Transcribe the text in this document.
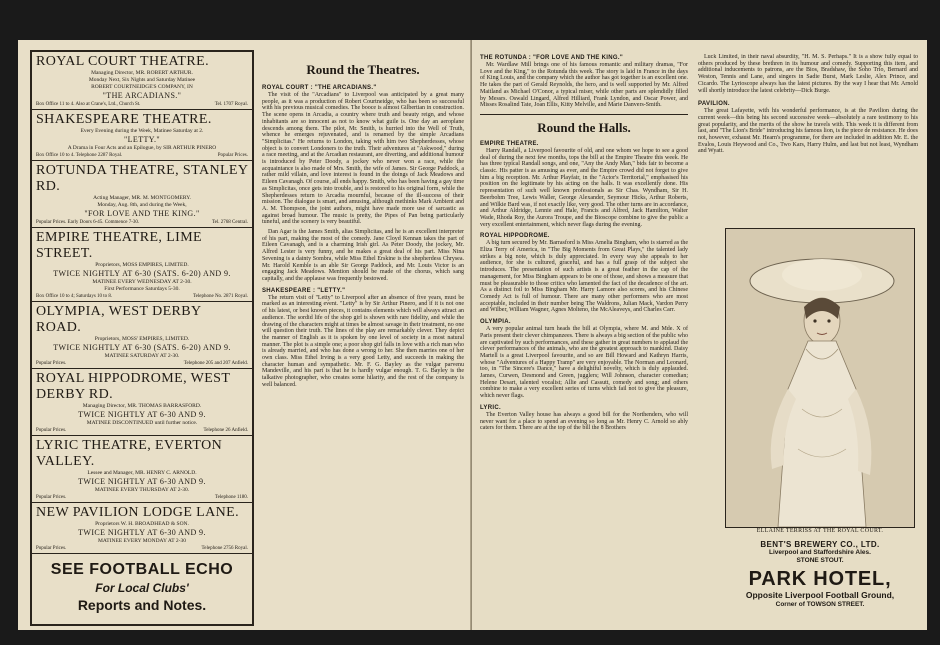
ROYAL COURT THEATRE.
Managing Director, MR. ROBERT ARTHUR.
Monday Next, Six Nights and Saturday Matinee
ROBERT COURTNEIDGE'S COMPANY, IN
"THE ARCADIANS."
Box Office 11 to 4. Also at Crane's, Ltd., Church St.	Tel. 1707 Royal.
SHAKESPEARE THEATRE.
Every Evening during the Week, Matinee Saturday at 2.
"LETTY."
A Drama in Four Acts and an Epilogue, by SIR ARTHUR PINERO
Box Office 10 to 4. Telephone 2287 Royal.	Popular Prices.
ROTUNDA THEATRE, STANLEY RD.
Acting Manager, MR. M. MONTGOMERY.
Monday, Aug. 8th, and during the Week,
"FOR LOVE AND THE KING."
Popular Prices. Early Doors 6-45. Commence 7-30.	Tel. 2768 Central.
EMPIRE THEATRE, LIME STREET.
Proprietors, MOSS EMPIRES, LIMITED.
TWICE NIGHTLY AT 6-30 (SATS. 6-20) AND 9.
MATINEE EVERY WEDNESDAY AT 2-30.
First Performance Saturdays 5-30.
Box Office 10 to 4; Saturdays 10 to 8.	Telephone No. 2871 Royal.
OLYMPIA, WEST DERBY ROAD.
Proprietors, MOSS' EMPIRES, LIMITED.
TWICE NIGHTLY AT 6-30 (SATS. 6-20) AND 9.
MATINEE SATURDAY AT 2-30.
Popular Prices.	Telephone 205 and 207 Anfield.
ROYAL HIPPODROME, WEST DERBY RD.
Managing Director, MR. THOMAS BARRASFORD.
TWICE NIGHTLY AT 6-30 AND 9.
MATINEE DISCONTINUED until further notice.
Popular Prices.	Telephone 26 Anfield.
LYRIC THEATRE, EVERTON VALLEY.
Lessee and Manager, MR. HENRY C. ARNOLD.
TWICE NIGHTLY AT 6-30 AND 9.
MATINEE EVERY THURSDAY AT 2-30.
Popular Prices.	Telephone 1180.
NEW PAVILION LODGE LANE.
Proprietors W. H. BROADHEAD & SON.
TWICE NIGHTLY AT 6-30 AND 9.
MATINEE EVERY MONDAY AT 2-30
Popular Prices.	Telephone 2756 Royal.
SEE FOOTBALL ECHO
For Local Clubs'
Reports and Notes.
Round the Theatres.
ROYAL COURT : "THE ARCADIANS."

The visit of the "Arcadians" to Liverpool was anticipated by a great many people, as it was a production of Robert Courtneidge, who has been so successful with his previous musical comedies. The booce is almost Gilbertian in construction. The scene opens in Arcadia, a country where truth and beauty reign, and whose inhabitants are so innocent as not to know what guile is. One day an aeroplane descends among them. The pilot, Mr. Smith, is hurried into the Well of Truth, whence he emerges rejuvenated, and is renamed by the simple Arcadians "Simplicitas." He returns to London, taking with him two Shepherdesses, whose object is to convert Londoners to the truth. Their adventures at "Askwood," during a race meeting, and at the Arcadian restaurant, are diverting, and additional humour is introduced by Peter Doody, a jockey who never won a race, while the acquaintance is also made of Mrs. Smith, the wife of James. Sir George Paddock, a rather mild villain, and love interest is found in the doings of Jack Meadows and Eileen Cavanagh. Of course, all ends happy. Smith, who has been having a gay time as Simplicitas, once gets into trouble, and is restored to his original form, while the Shepherdesses return to Arcadia mournful, because of the ill-success of their mission. The dialogue is smart, and amusing, although methinks Mark Ambient and A. M. Thompson, the joint authors, might have made more use of sarcastic as against broad humour. The music is pretty, the Pipes of Pan being particularly tuneful, and the scenery is very beautiful.

Dan Agar is the James Smith, alias Simplicitas, and he is an excellent interpreter of his part, making the most of the comedy. Jane Cloyd Kennan takes the part of Eileen Cavanagh, and is a charming Irish girl. As Peter Doody, the jockey, Mr. Alfred Lester is very funny, and he makes a great deal of his part. Miss Nina Sevening is a dainty Sombra, while Miss Ethel Erskine is the shepherdess Chrysea. Mr. Harold Kemble is an able Sir George Paddock, and Mr. Louis Victor is an engaging Jack Meadows. Mention should be made of the chorus, which sang capitally, and the applause was frequently bestowed.

SHAKESPEARE : "LETTY."

The return visit of "Letty" to Liverpool after an absence of five years, must be marked as an interesting event. "Letty" is by Sir Arthur Pinero, and if it is not one of his latest, or best known pieces, it contains elements which will always attract an audience. The sordid life of the shop girl is shown with rare fidelity, and while the drawing of the characters might at times be almost savage in their treatment, no one will question their truth. The lines of the play are remarkably clever. They depict the manner of English as it is spoken by one level of society in a most natural manner. The plot is a simple one; a poor shop girl falls in love with a rich man who is already married, and who has done a wrong to her. She then marries one of her own class. Miss Ethel Irving is a very good Letty, and succeeds in making the character human and sympathetic. Mr. F. G. Bayley as the vulgar parvenu Mandeville, and his part is that he is hardly vulgar enough. T. G. Bayley is the talkative photographer, who creates some hilarity, and the rest of the company is well balanced.

THE ROTUNDA : "FOR LOVE AND THE KING."

Mr. Wardlaw Mill brings one of his famous romantic and military dramas, "For Love and the King," to the Rotunda this week. The story is laid in France in the days of King Louis, and the company which the author has got together is an excellent one. He takes the part of Gerald Reynolds, the hero, and is well supported by Mr. Alfred Maitland as Michael O'Conor, a typical miser, while other parts are splendidly filled by Messrs. Oswald Lingard, Alfred Hilliard, Frank Lyndon, and Oscar Power, and Misses Rosalind Tate, Joan Ellis, Kitty Melville, and Marie Danvers-Smith.

Round the Halls.
EMPIRE THEATRE.

Harry Randall, a Liverpool favourite of old, and one whom we hope to see a good deal of during the next few months, tops the bill at the Empire Theatre this week. He has three typical Randall songs, and one, "Any the Andy Man," bids fair to become a classic. His patter is as amusing as ever, and the Empire crowd did not forget to give him a big reception. Mr. Arthur Playfair, in the "Actor's Territorial," emphasised his position on the legitimate by his acting on the halls. It was excellently done. His representation of such well known professionals as Sir Chas. Wyndham, Sir H. Beerbohm Tree, Lewis Waller, George Alexander, Seymour Hicks, Arthur Roberts, and Wilkie Bard was, if not exactly like, very good. The other turns are in accordance, and Arthur Aldridge, Lennie and Hale, Francis and Alfred, Jack Hamilton, Walter Wade, Rhoda Roy, the Aurora Troupe, and the Bioscope combine to give the public a very excellent entertainment, which never flags during the evening.

ROYAL HIPPODROME.

A big turn secured by Mr. Barrasford is Miss Amelia Bingham, who is starred as the Eliza Terry of America, in "The Big Moments from Great Plays," the talented lady strikes a big note, which is duly appreciated. In every way she appeals to her audience, for she is cultured, graceful, and has a full grasp of the subject she introduces. The presentation of such artists is a great feather in the cap of the management, for Miss Bingham appears to be one of those, and shows a measure that must be pleasurable to those critics who lamented the fact of the decadence of the art. As a distinct foil to Miss Bingham Mr. Harry Lamore also scores, and his Chinese Comedy Act is full of humour. There are many other performers who are most acceptable, included in their number being The Waldrons, Julian Mack, Vardon Perry and Wilber, William Wagner, Agnes Molteno, the McAleaveys, and Charles Carr.

OLYMPIA.

A very popular animal turn heads the bill at Olympia, where M. and Mde. X of Paris present their clever chimpanzees. There is always a big section of the public who are captivated by such performances, and these gather in great numbers to applaud the clever performances of the animals, who are the greatest approach to mankind. Daisy Martell is a great Liverpool favourite, and so are Bill Howard and Kathryn Harris, whose "Adventures of a Happy Tramp" are very enjoyable. The Norman and Leonard, too, in "The Sincere's Dance," have a delightful novelty, which is duly applauded. James, Curwen, Desmond and Green, jugglers; Will Johnson, character comedian; Helene Desart, talented vocalist; Allie and Cassutt, comedy and song; and others combine to make a very excellent series of turns which fail not to give the pleasure, which never flags.

LYRIC.

The Everton Valley house has always a good bill for the Northenders, who will never want for a place to spend an evening so long as Mr. Henry C. Arnold so ably caters for them. There are at the top of the bill the 8 Brothers

Luck Limited, in their naval absurdity, "H. M. S. Perhaps." It is a show fully equal to others produced by these brethren in its humour and comedy. Supporting this item, and additional inducements to patrons, are the Bios, Bradshaw, the Soho Trio, Bernard and Weston, Tennis and Lane, and singers in Sadie Burst, Mark Leslie, Alex Prince, and Cicardo. The Lyrioscope always has the latest pictures. By the way I hear that Mr. Arnold will shortly introduce the latest celebrity—Dick Burge.

PAVILION.

The great Lafayette, with his wonderful performance, is at the Pavilion during the current week—this being his second successive week—absolutely a rare testimony to his great popularity, and the merits of the show he travels with. This week it is different from last, and "The Lion's Bride" introducing his famous lion, is the piece de resistance. He does not, however, exhaust Mr. Hearn's programme, for there are included in addition Mr. E. the Evalos, Louis Heywood and Co., Two Kars, Harry Hulm, and last but not least, Wyndham and Wyatt.

ELLAINE TERRISS AT THE ROYAL COURT.
BENT'S BREWERY CO., LTD.
Liverpool and Staffordshire Ales.
STONE STOUT.
PARK HOTEL,
Opposite Liverpool Football Ground,
Corner of TOWSON STREET.
